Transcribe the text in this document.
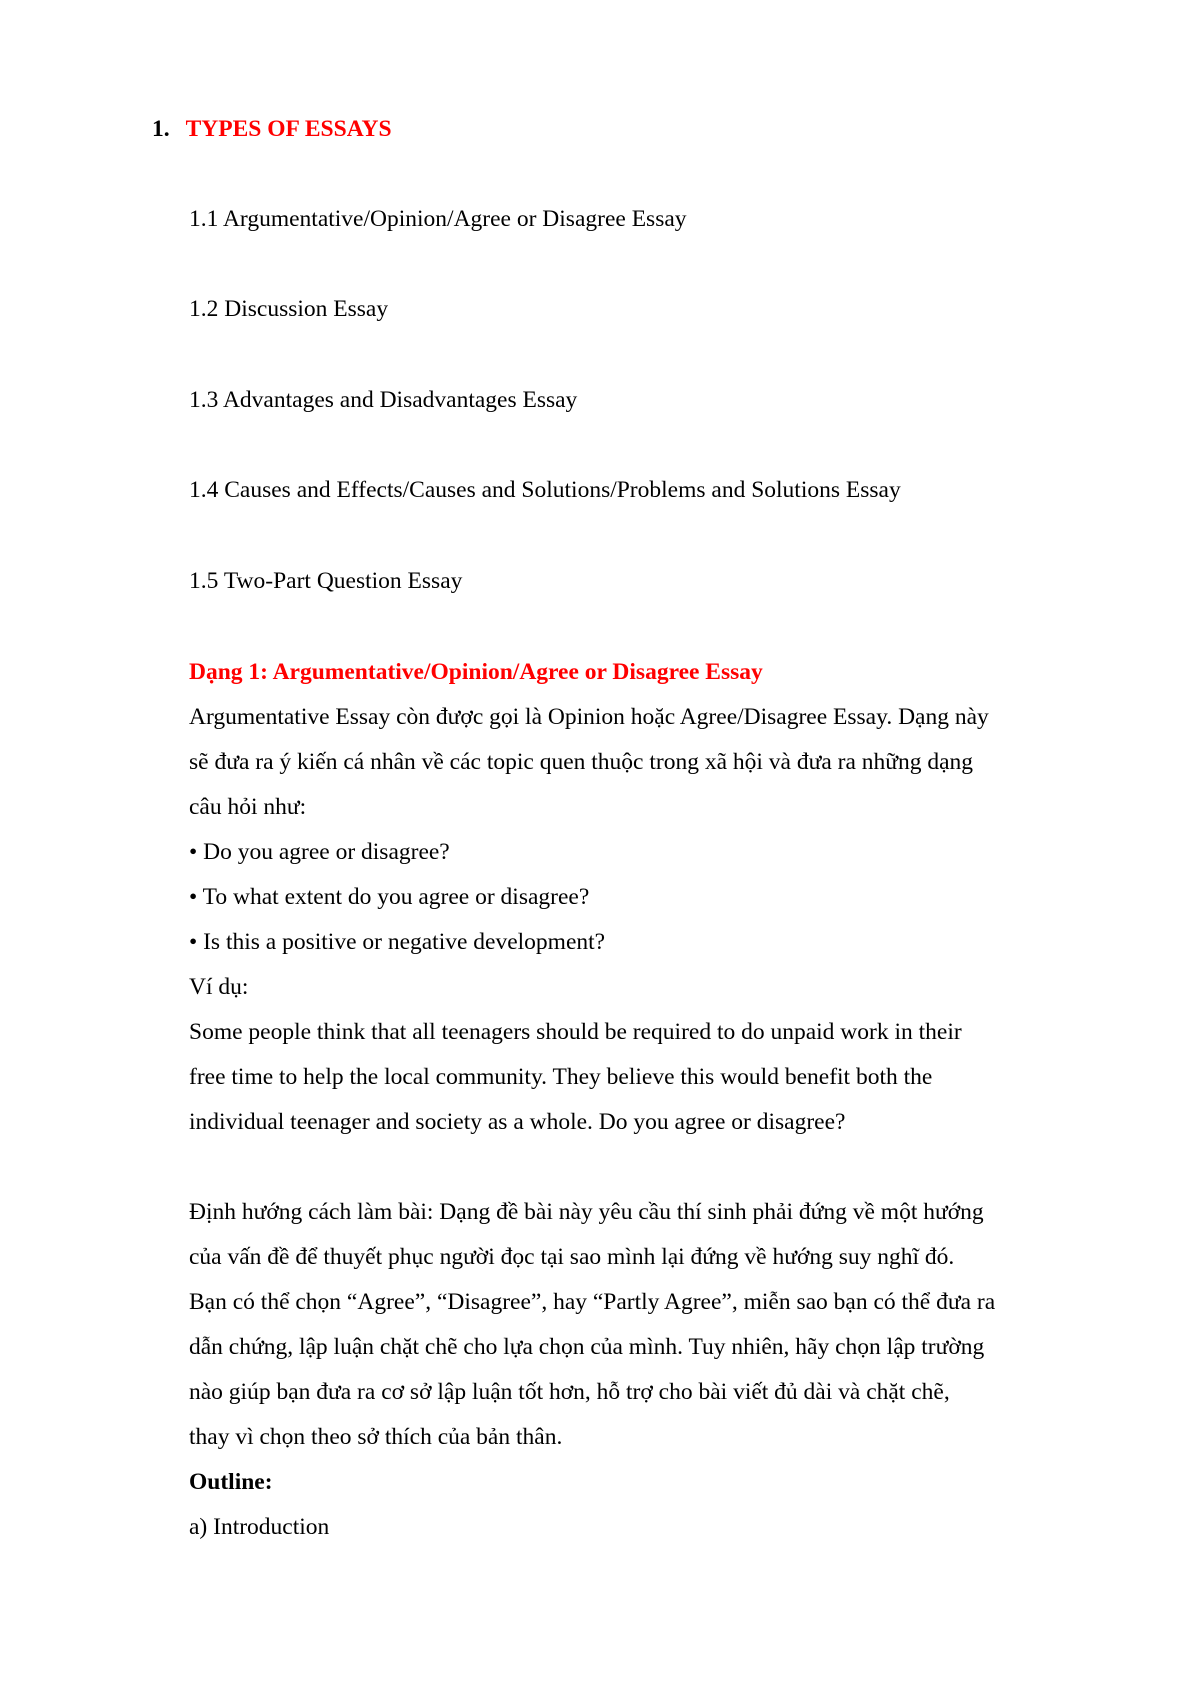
1. TYPES OF ESSAYS
1.1 Argumentative/Opinion/Agree or Disagree Essay
1.2 Discussion Essay
1.3 Advantages and Disadvantages Essay
1.4 Causes and Effects/Causes and Solutions/Problems and Solutions Essay
1.5 Two-Part Question Essay
Dạng 1: Argumentative/Opinion/Agree or Disagree Essay
Argumentative Essay còn được gọi là Opinion hoặc Agree/Disagree Essay. Dạng này
sẽ đưa ra ý kiến cá nhân về các topic quen thuộc trong xã hội và đưa ra những dạng
câu hỏi như:
• Do you agree or disagree?
• To what extent do you agree or disagree?
• Is this a positive or negative development?
Ví dụ:
Some people think that all teenagers should be required to do unpaid work in their
free time to help the local community. They believe this would benefit both the
individual teenager and society as a whole. Do you agree or disagree?
Định hướng cách làm bài: Dạng đề bài này yêu cầu thí sinh phải đứng về một hướng
của vấn đề để thuyết phục người đọc tại sao mình lại đứng về hướng suy nghĩ đó.
Bạn có thể chọn “Agree”, “Disagree”, hay “Partly Agree”, miễn sao bạn có thể đưa ra
dẫn chứng, lập luận chặt chẽ cho lựa chọn của mình. Tuy nhiên, hãy chọn lập trường
nào giúp bạn đưa ra cơ sở lập luận tốt hơn, hỗ trợ cho bài viết đủ dài và chặt chẽ,
thay vì chọn theo sở thích của bản thân.
Outline:
a) Introduction
